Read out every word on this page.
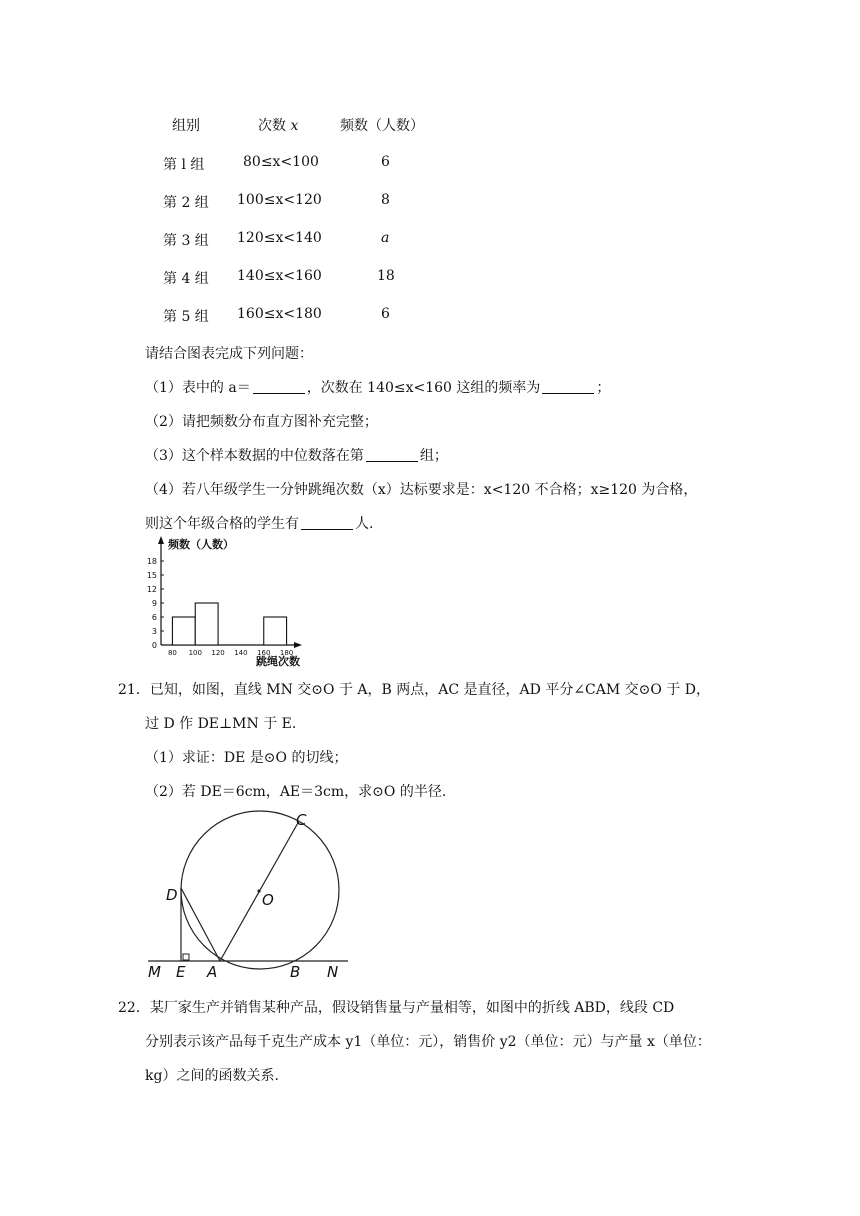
组别	次数 x	频数（人数）
第 l 组	80≤x<100	6
第 2 组 100≤x<120	8
第 3 组 120≤x<140	a
第 4 组 140≤x<160	18
第 5 组 160≤x<180	6
请结合图表完成下列问题：
（1）表中的 a＝	，次数在 140≤x<160 这组的频率为	；
（2）请把频数分布直方图补充完整；
（3）这个样本数据的中位数落在第	组；
（4）若八年级学生一分钟跳绳次数（x）达标要求是：x<120 不合格；x≥120 为合格，
则这个年级合格的学生有	人.
频数（人数）
跳绳次数
0
3
6
9
12
15
18
80 100 120 140 160 180
21．已知，如图，直线 MN 交⊙O 于 A，B 两点，AC 是直径，AD 平分∠CAM 交⊙O 于 D，
过 D 作 DE⊥MN 于 E.
（1）求证：DE 是⊙O 的切线；
（2）若 DE＝6cm，AE＝3cm，求⊙O 的半径.
C
D	O
M E A	B N
22．某厂家生产并销售某种产品，假设销售量与产量相等，如图中的折线 ABD，线段 CD
分别表示该产品每千克生产成本 y1（单位：元），销售价 y2（单位：元）与产量 x（单位：
kg）之间的函数关系.
